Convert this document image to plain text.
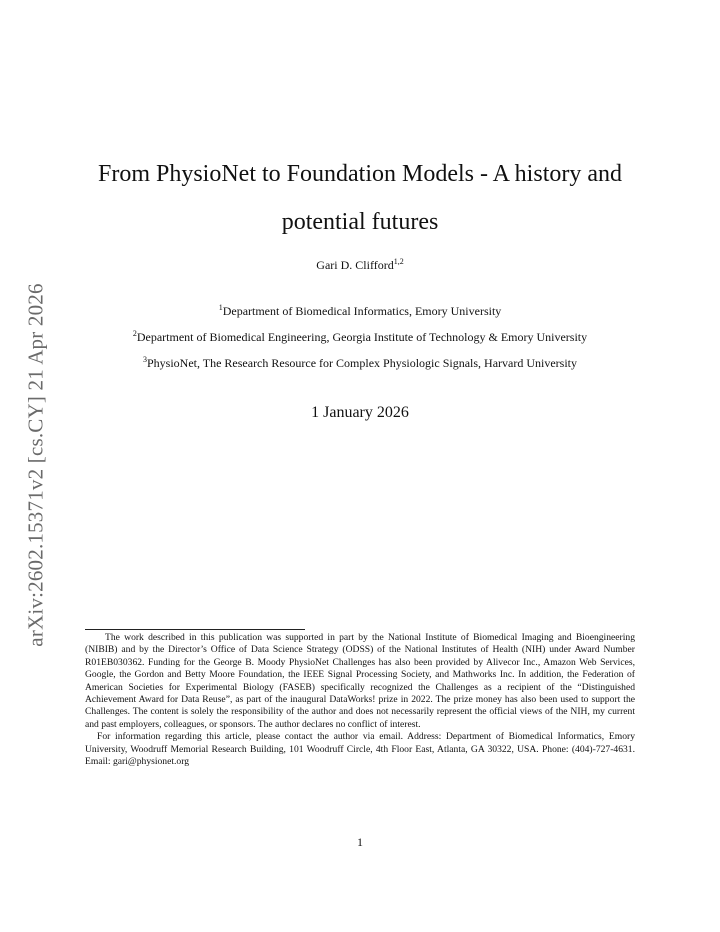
arXiv:2602.15371v2 [cs.CY] 21 Apr 2026
From PhysioNet to Foundation Models - A history and potential futures
Gari D. Clifford$^{1,2}$
$^1$Department of Biomedical Informatics, Emory University
$^2$Department of Biomedical Engineering, Georgia Institute of Technology & Emory University
$^3$PhysioNet, The Research Resource for Complex Physiologic Signals, Harvard University
1 January 2026

The work described in this publication was supported in part by the National Institute of Biomedical Imaging and Bioengineering (NIBIB) and by the Director’s Office of Data Science Strategy (ODSS) of the National Institutes of Health (NIH) under Award Number R01EB030362. Funding for the George B. Moody PhysioNet Challenges has also been provided by Alivecor Inc., Amazon Web Services, Google, the Gordon and Betty Moore Foundation, the IEEE Signal Processing Society, and Mathworks Inc. In addition, the Federation of American Societies for Experimental Biology (FASEB) specifically recognized the Challenges as a recipient of the “Distinguished Achievement Award for Data Reuse”, as part of the inaugural DataWorks! prize in 2022. The prize money has also been used to support the Challenges. The content is solely the responsibility of the author and does not necessarily represent the official views of the NIH, my current and past employers, colleagues, or sponsors. The author declares no conflict of interest.

For information regarding this article, please contact the author via email. Address: Department of Biomedical Informatics, Emory University, Woodruff Memorial Research Building, 101 Woodruff Circle, 4th Floor East, Atlanta, GA 30322, USA. Phone: (404)-727-4631. Email: gari@physionet.org

1
